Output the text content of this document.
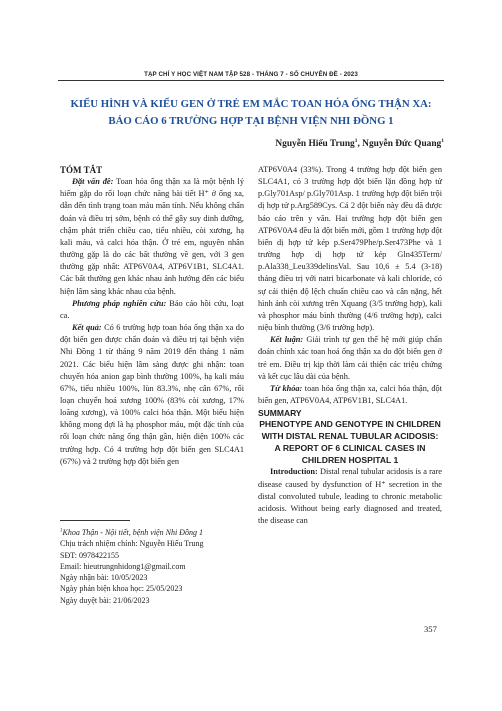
TẠP CHÍ Y HỌC VIỆT NAM TẬP 528 - THÁNG 7 - SỐ CHUYÊN ĐỀ - 2023
KIỂU HÌNH VÀ KIỂU GEN Ở TRẺ EM MẮC TOAN HÓA ỐNG THẬN XA:
BÁO CÁO 6 TRƯỜNG HỢP TẠI BỆNH VIỆN NHI ĐỒNG 1
Nguyễn Hiếu Trung$^1$, Nguyễn Đức Quang$^1$

TÓM TẮT

Đặt vấn đề: Toan hóa ống thận xa là một bệnh lý hiếm gặp do rối loạn chức năng bài tiết H⁺ ở ống xa, dẫn đến tình trạng toan máu mãn tính. Nếu không chẩn đoán và điều trị sớm, bệnh có thể gây suy dinh dưỡng, chậm phát triển chiều cao, tiểu nhiều, còi xương, hạ kali máu, và calci hóa thận. Ở trẻ em, nguyên nhân thường gặp là do các bất thường về gen, với 3 gen thường gặp nhất: ATP6V0A4, ATP6V1B1, SLC4A1. Các bất thường gen khác nhau ảnh hưởng đến các biểu hiện lâm sàng khác nhau của bệnh.

Phương pháp nghiên cứu: Báo cáo hồi cứu, loạt ca.

Kết quả: Có 6 trường hợp toan hóa ống thận xa do đột biến gen được chẩn đoán và điều trị tại bệnh viện Nhi Đồng 1 từ tháng 9 năm 2019 đến tháng 1 năm 2021. Các biểu hiện lâm sàng được ghi nhận: toan chuyển hóa anion gap bình thường 100%, hạ kali máu 67%, tiểu nhiều 100%, lùn 83.3%, nhẹ cân 67%, rối loạn chuyển hoá xương 100% (83% còi xương, 17% loãng xương), và 100% calci hóa thận. Một biểu hiện không mong đợi là hạ phosphor máu, một đặc tính của rối loạn chức năng ống thận gần, hiện diện 100% các trường hợp. Có 4 trường hợp đột biến gen SLC4A1 (67%) và 2 trường hợp đột biến gen

ATP6V0A4 (33%). Trong 4 trường hợp đột biến gen SLC4A1, có 3 trường hợp đột biến lặn đồng hợp tử p.Gly701Asp/ p.Gly701Asp. 1 trường hợp đột biến trội dị hợp tử p.Arg589Cys. Cả 2 đột biến này đều đã được báo cáo trên y văn. Hai trường hợp đột biến gen ATP6V0A4 đều là đột biến mới, gồm 1 trường hợp đột biến dị hợp tử kép p.Ser479Phe/p.Ser473Phe và 1 trường hợp dị hợp tử kép Gln435Term/ p.Ala338_Leu339delinsVal. Sau 10,6 ± 5.4 (3-18) tháng điều trị với natri bicarbonate và kali chloride, có sự cải thiện độ lệch chuẩn chiều cao và cân nặng, hết hình ảnh còi xương trên Xquang (3/5 trường hợp), kali và phosphor máu bình thường (4/6 trường hợp), calci niệu bình thường (3/6 trường hợp).

Kết luận: Giải trình tự gen thế hệ mới giúp chẩn đoán chính xác toan hoá ống thận xa do đột biến gen ở trẻ em. Điều trị kịp thời làm cải thiện các triệu chứng và kết cục lâu dài của bệnh.

Từ khóa: toan hóa ống thận xa, calci hóa thận, đột biến gen, ATP6V0A4, ATP6V1B1, SLC4A1.

SUMMARY

PHENOTYPE AND GENOTYPE IN CHILDREN WITH DISTAL RENAL TUBULAR ACIDOSIS: A REPORT OF 6 CLINICAL CASES IN CHILDREN HOSPITAL 1

Introduction: Distal renal tubular acidosis is a rare disease caused by dysfunction of H⁺ secretion in the distal convoluted tubule, leading to chronic metabolic acidosis. Without being early diagnosed and treated, the disease can

$^1$Khoa Thận - Nội tiết, bệnh viện Nhi Đồng 1

Chịu trách nhiệm chính: Nguyễn Hiếu Trung

SĐT: 0978422155

Email: hieutrungnhidong1@gmail.com

Ngày nhận bài: 10/05/2023

Ngày phản biện khoa học: 25/05/2023

Ngày duyệt bài: 21/06/2023

357
